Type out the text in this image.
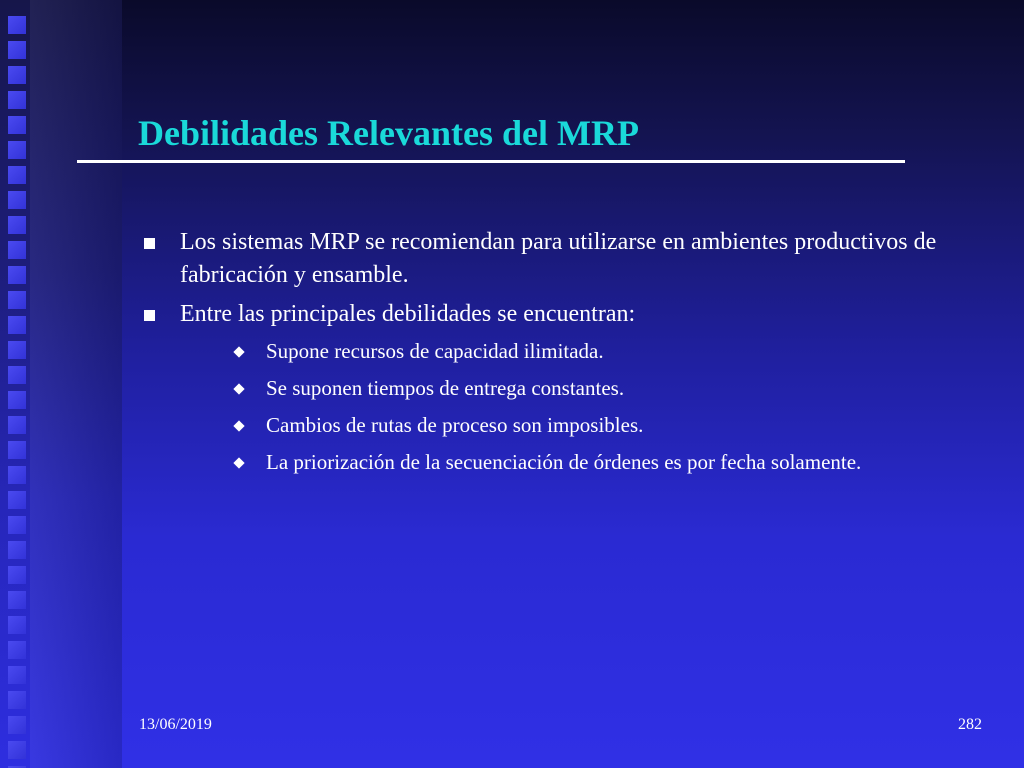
Debilidades Relevantes del MRP
Los sistemas MRP se recomiendan para utilizarse en ambientes productivos de fabricación y ensamble.
Entre las principales debilidades se encuentran:
Supone recursos de capacidad ilimitada.
Se suponen tiempos de entrega constantes.
Cambios de rutas de proceso son imposibles.
La priorización de la secuenciación de órdenes es por fecha solamente.
13/06/2019	282
